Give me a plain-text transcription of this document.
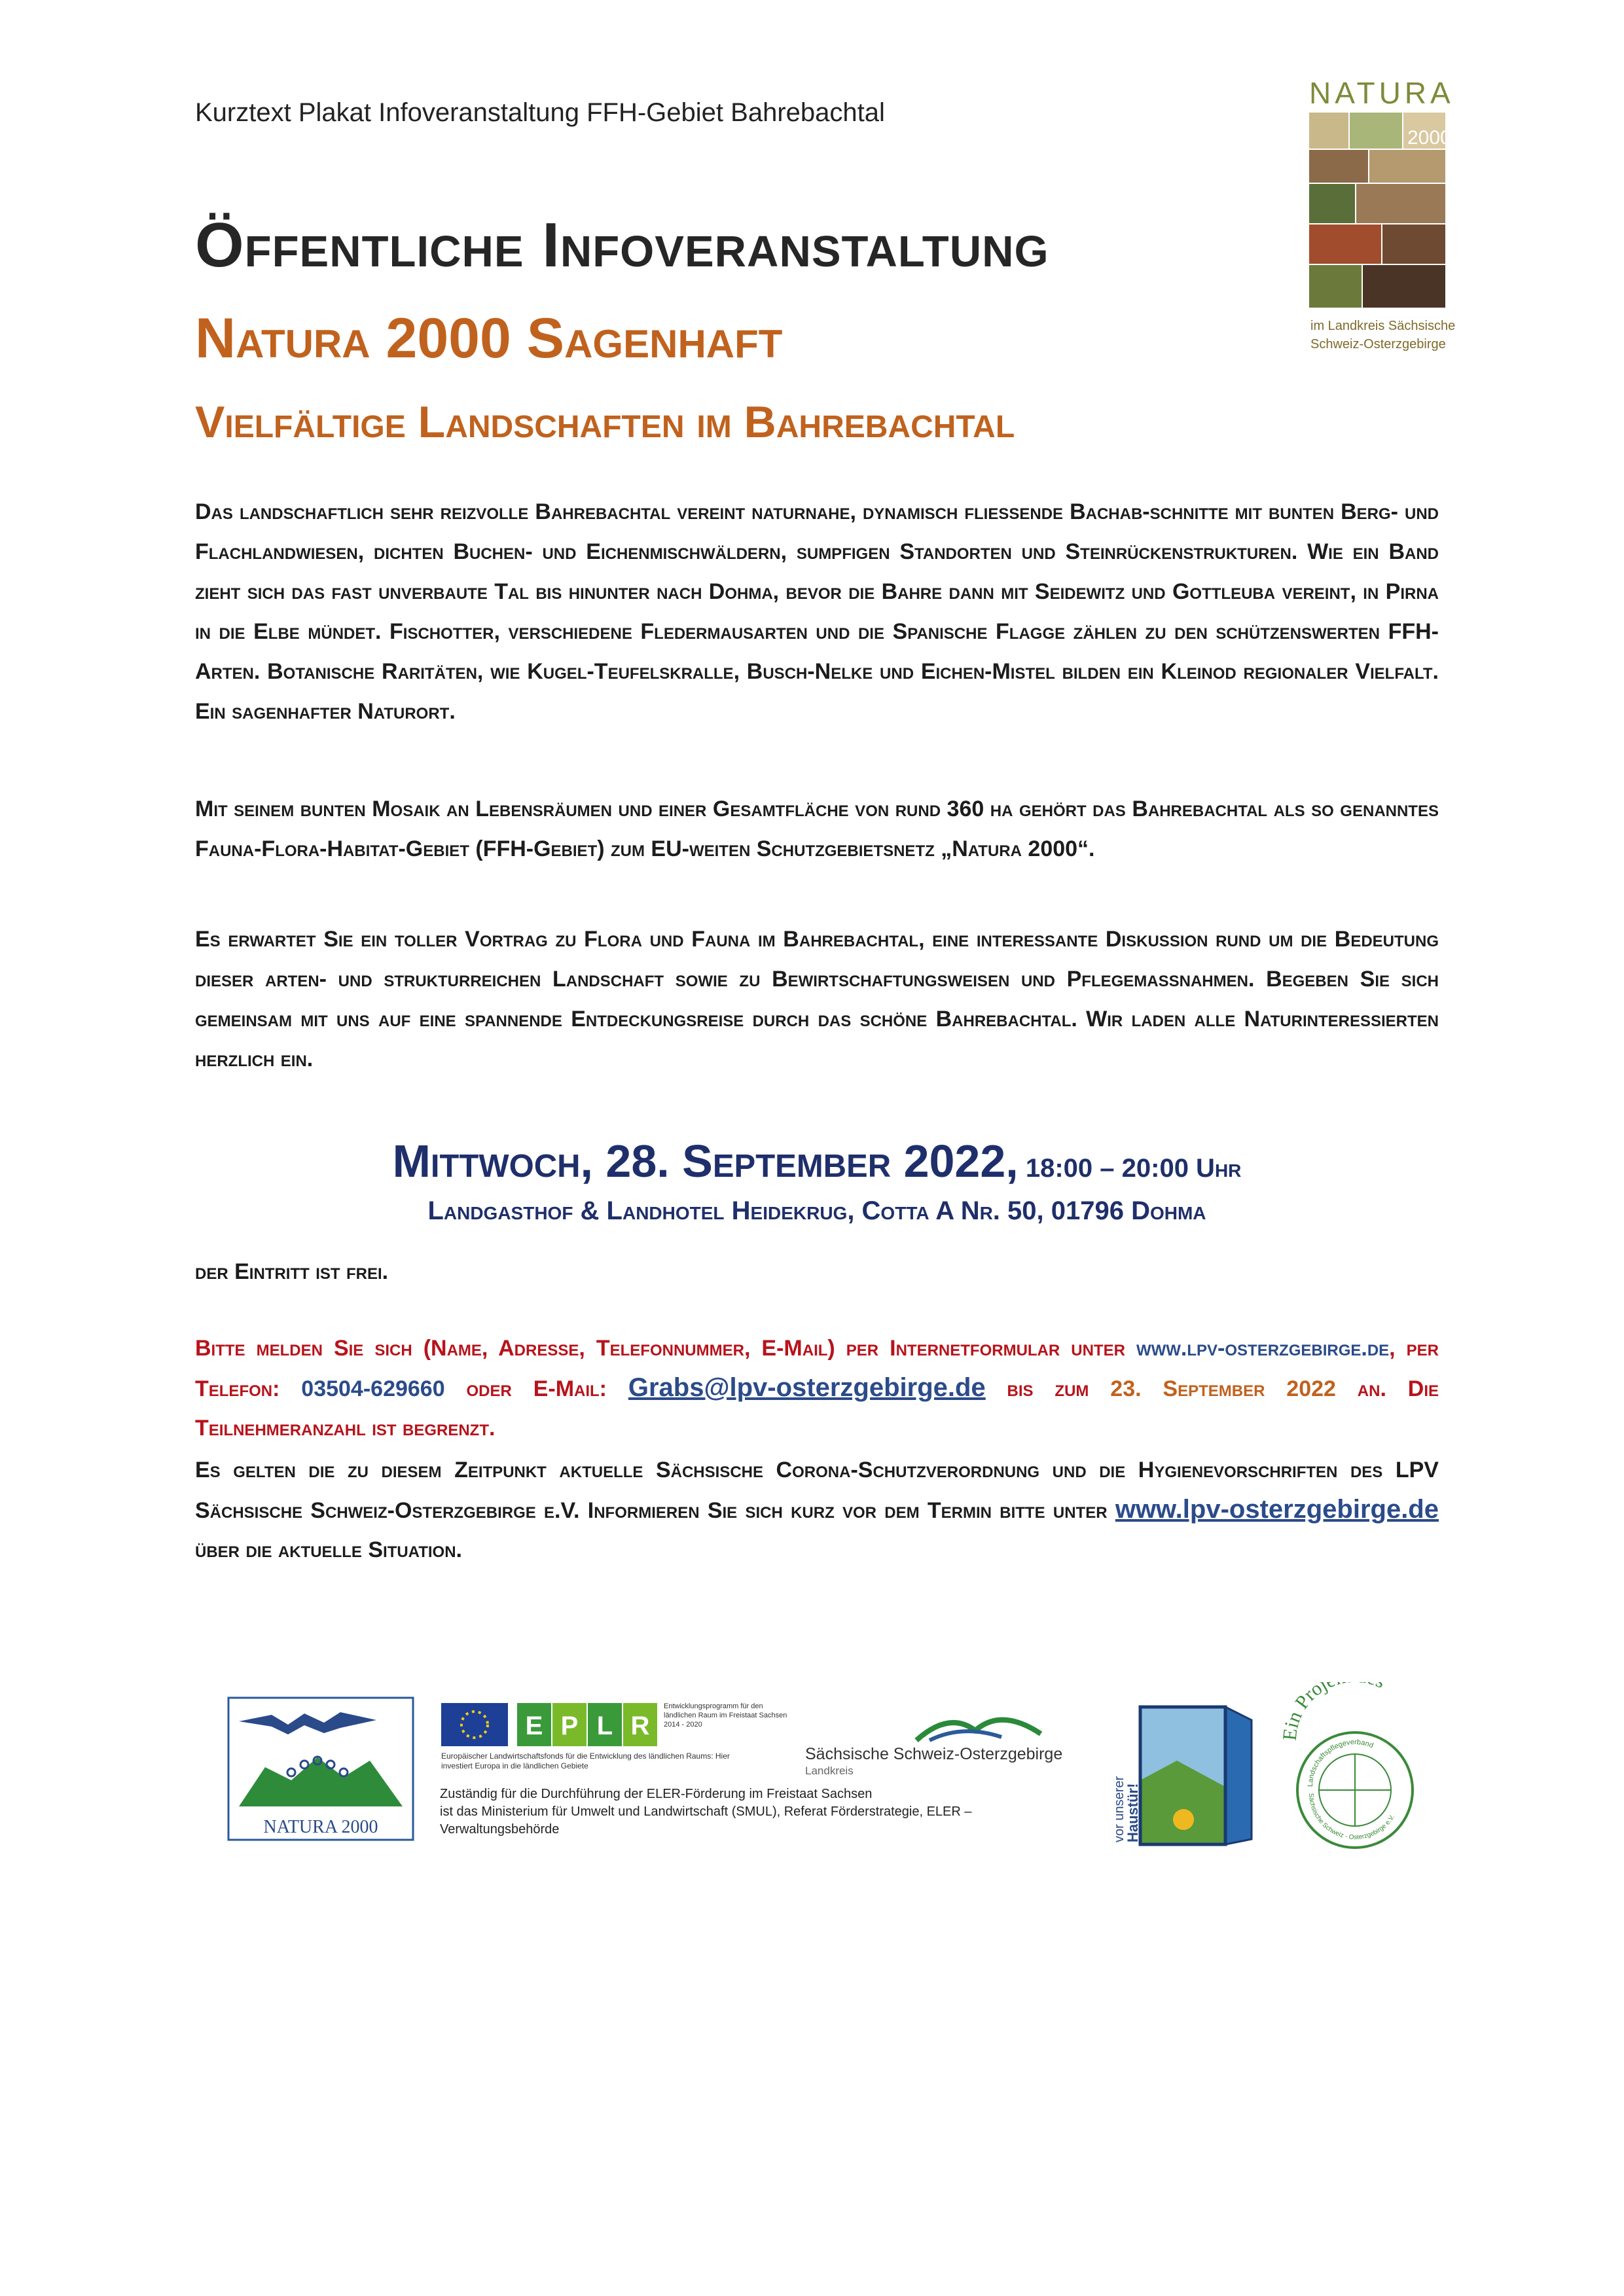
Kurztext Plakat Infoveranstaltung FFH-Gebiet Bahrebachtal
NATURA
2000
im Landkreis Sächsische
Schweiz-Osterzgebirge
Öffentliche Infoveranstaltung
Natura 2000 Sagenhaft
Vielfältige Landschaften im Bahrebachtal
Das landschaftlich sehr reizvolle Bahrebachtal vereint naturnahe, dynamisch fließende Bachab-schnitte mit bunten Berg- und Flachlandwiesen, dichten Buchen- und Eichenmischwäldern, sumpfigen Standorten und Steinrückenstrukturen. Wie ein Band zieht sich das fast unverbaute Tal bis hinunter nach Dohma, bevor die Bahre dann mit Seidewitz und Gottleuba vereint, in Pirna in die Elbe mündet. Fischotter, verschiedene Fledermausarten und die Spanische Flagge zählen zu den schützenswerten FFH-Arten. Botanische Raritäten, wie Kugel-Teufelskralle, Busch-Nelke und Eichen-Mistel bilden ein Kleinod regionaler Vielfalt. Ein sagenhafter Naturort.
Mit seinem bunten Mosaik an Lebensräumen und einer Gesamtfläche von rund 360 ha gehört das Bahrebachtal als so genanntes Fauna-Flora-Habitat-Gebiet (FFH-Gebiet) zum EU-weiten Schutzgebietsnetz „Natura 2000“.
Es erwartet Sie ein toller Vortrag zu Flora und Fauna im Bahrebachtal, eine interessante Diskussion rund um die Bedeutung dieser arten- und strukturreichen Landschaft sowie zu Bewirtschaftungsweisen und Pflegemaßnahmen. Begeben Sie sich gemeinsam mit uns auf eine spannende Entdeckungsreise durch das schöne Bahrebachtal. Wir laden alle Naturinteressierten herzlich ein.
Mittwoch, 28. September 2022, 18:00 – 20:00 Uhr
Landgasthof & Landhotel Heidekrug, Cotta A Nr. 50, 01796 Dohma
der Eintritt ist frei.
Bitte melden Sie sich (Name, Adresse, Telefonnummer, E-Mail) per Internetformular unter www.lpv-osterzgebirge.de, per Telefon: 03504-629660 oder E-Mail: Grabs@lpv-osterzgebirge.de bis zum 23. September 2022 an. Die Teilnehmeranzahl ist begrenzt.
Es gelten die zu diesem Zeitpunkt aktuelle Sächsische Corona-Schutzverordnung und die Hygienevorschriften des LPV Sächsische Schweiz-Osterzgebirge e.V. Informieren Sie sich kurz vor dem Termin bitte unter www.lpv-osterzgebirge.de über die aktuelle Situation.
NATURA 2000
E P L R
Entwicklungsprogramm für den ländlichen Raum im Freistaat Sachsen 2014 - 2020
Europäischer Landwirtschaftsfonds für die Entwicklung des ländlichen Raums: Hier investiert Europa in die ländlichen Gebiete
Sächsische Schweiz-Osterzgebirge
Landkreis
vor unserer
Haustür!
n Proj
Landschaftspflegeverband
Sächsische Schweiz - Osterzgebirge e.V.
Zuständig für die Durchführung der ELER-Förderung im Freistaat Sachsen
ist das Ministerium für Umwelt und Landwirtschaft (SMUL), Referat Förderstrategie, ELER –
Verwaltungsbehörde
